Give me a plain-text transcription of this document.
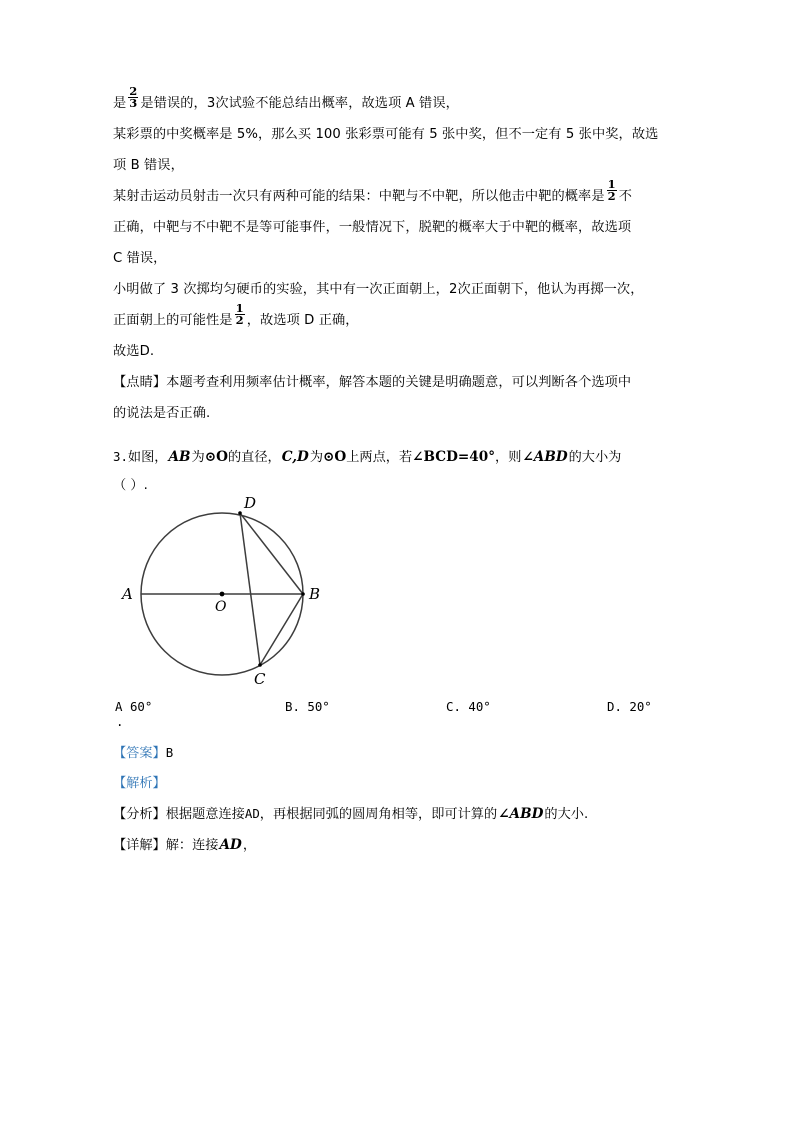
是 $\frac{2}{3}$ 是错误的，3次试验不能总结出概率，故选项 A 错误，
某彩票的中奖概率是 5%，那么买 100 张彩票可能有 5 张中奖，但不一定有 5 张中奖，故选
项 B 错误，
某射击运动员射击一次只有两种可能的结果：中靶与不中靶，所以他击中靶的概率是 $\frac{1}{2}$ 不
正确，中靶与不中靶不是等可能事件，一般情况下，脱靶的概率大于中靶的概率，故选项
C 错误，
小明做了 3 次掷均匀硬币的实验，其中有一次正面朝上，2次正面朝下，他认为再掷一次，
正面朝上的可能性是 $\frac{1}{2}$ ，故选项 D 正确，
故选D.
【点睛】本题考查利用频率估计概率，解答本题的关键是明确题意，可以判断各个选项中
的说法是否正确.
3.如图，AB为⊙O的直径，C,D为⊙O上两点，若∠BCD=40°，则∠ABD的大小为
（ ）.
D
A	B
O
C
A
.
60°	B. 50°	C. 40°	D. 20°
【答案】B
【解析】
【分析】根据题意连接AD，再根据同弧的圆周角相等，即可计算的∠ABD的大小.
【详解】解：连接AD，
